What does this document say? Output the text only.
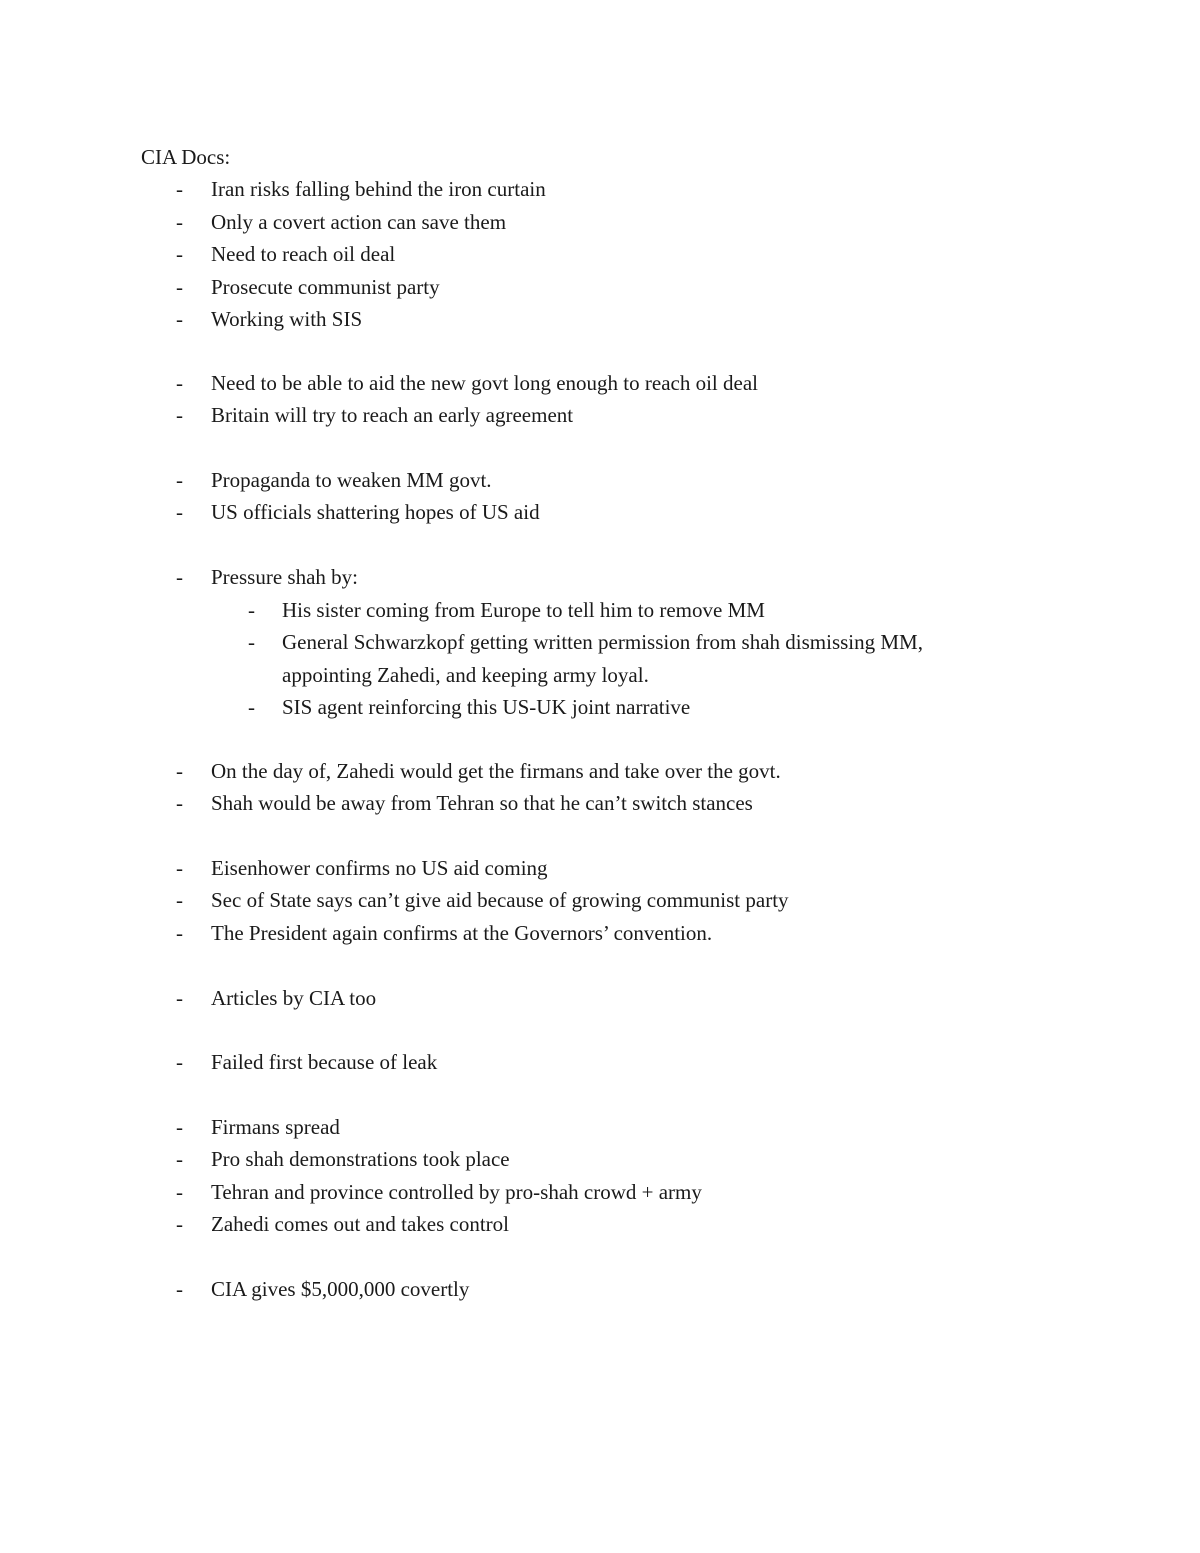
CIA Docs:
- Iran risks falling behind the iron curtain
- Only a covert action can save them
- Need to reach oil deal
- Prosecute communist party
- Working with SIS
- Need to be able to aid the new govt long enough to reach oil deal
- Britain will try to reach an early agreement
- Propaganda to weaken MM govt.
- US officials shattering hopes of US aid
- Pressure shah by:
- His sister coming from Europe to tell him to remove MM
- General Schwarzkopf getting written permission from shah dismissing MM,
appointing Zahedi, and keeping army loyal.
- SIS agent reinforcing this US-UK joint narrative
- On the day of, Zahedi would get the firmans and take over the govt.
- Shah would be away from Tehran so that he can’t switch stances
- Eisenhower confirms no US aid coming
- Sec of State says can’t give aid because of growing communist party
- The President again confirms at the Governors’ convention.
- Articles by CIA too
- Failed first because of leak
- Firmans spread
- Pro shah demonstrations took place
- Tehran and province controlled by pro-shah crowd + army
- Zahedi comes out and takes control
- CIA gives $5,000,000 covertly
